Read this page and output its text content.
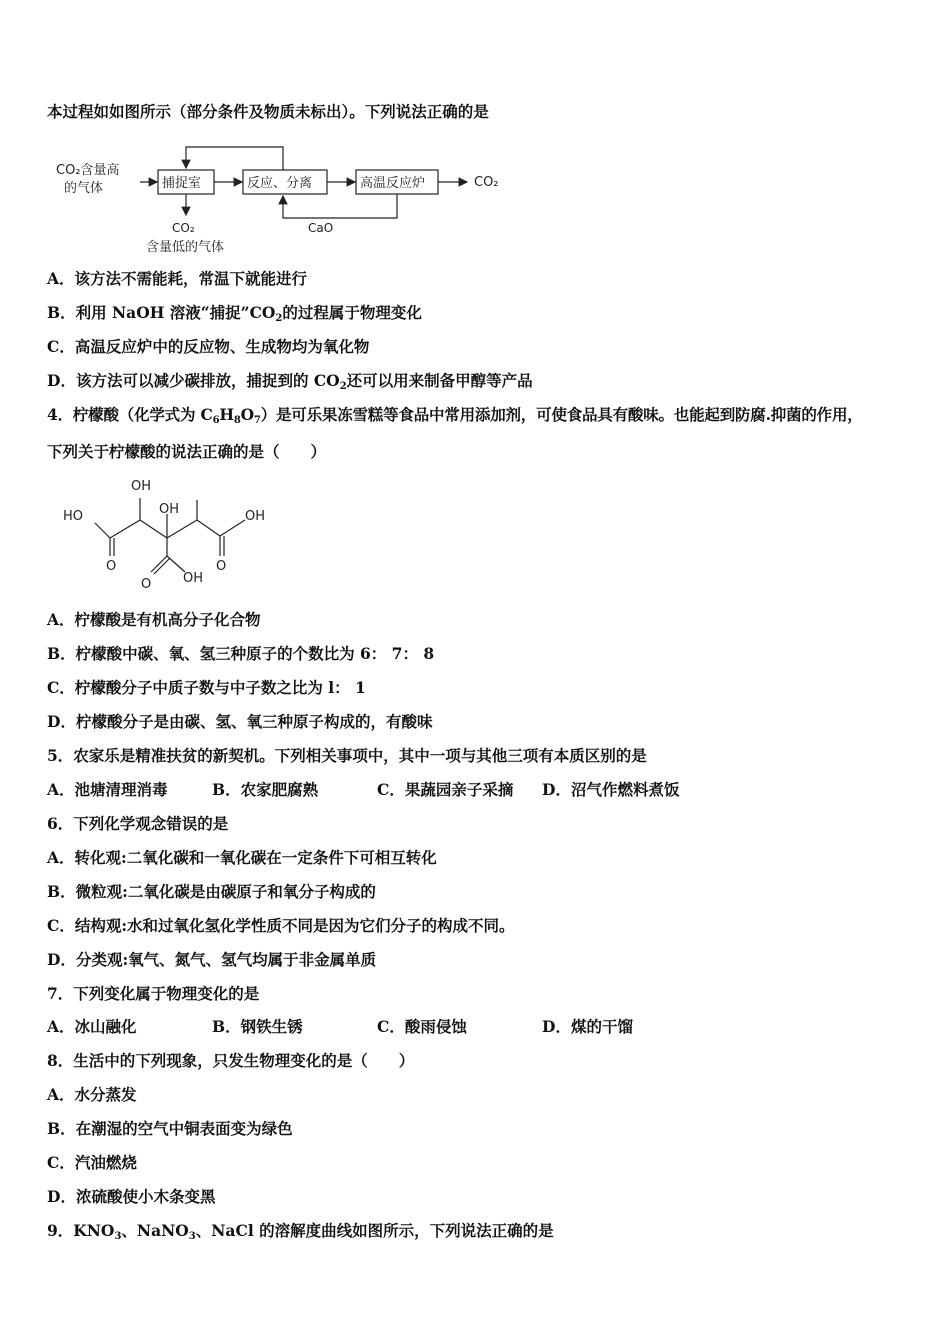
本过程如如图所示（部分条件及物质未标出）。下列说法正确的是
CO₂含量高
的气体	捕捉室	反应、分离	高温反应炉	CO₂
CaO
CO₂
含量低的气体
A．该方法不需能耗，常温下就能进行
B．利用 NaOH 溶液“捕捉$”CO_2$的过程属于物理变化
C．高温反应炉中的反应物、生成物均为氧化物
D．该方法可以减少碳排放，捕捉到的 $CO_2$还可以用来制备甲醇等产品
4．柠檬酸（化学式为 $C_6H_8O_7$）是可乐果冻雪糕等食品中常用添加剂，可使食品具有酸味。也能起到防腐.抑菌的作用，
下列关于柠檬酸的说法正确的是（　　）
OH
OH
HO	OH
O	O
O OH
A．柠檬酸是有机高分子化合物
B．柠檬酸中碳、氧、氢三种原子的个数比为 6： 7： 8
C．柠檬酸分子中质子数与中子数之比为 l： 1
D．柠檬酸分子是由碳、氢、氧三种原子构成的，有酸味
5．农家乐是精准扶贫的新契机。下列相关事项中，其中一项与其他三项有本质区别的是
A．池塘清理消毒	B．农家肥腐熟	C．果蔬园亲子采摘 D．沼气作燃料煮饭
6．下列化学观念错误的是
A．转化观:二氧化碳和一氧化碳在一定条件下可相互转化
B．微粒观:二氧化碳是由碳原子和氧分子构成的
C．结构观:水和过氧化氢化学性质不同是因为它们分子的构成不同。
D．分类观:氧气、氮气、氢气均属于非金属单质
7．下列变化属于物理变化的是
A．冰山融化	B．钢铁生锈	C．酸雨侵蚀	D．煤的干馏
8．生活中的下列现象，只发生物理变化的是（　　）
A．水分蒸发
B．在潮湿的空气中铜表面变为绿色
C．汽油燃烧
D．浓硫酸使小木条变黑
9．$KNO_3$、NaNO$_3$、NaCl 的溶解度曲线如图所示，下列说法正确的是
